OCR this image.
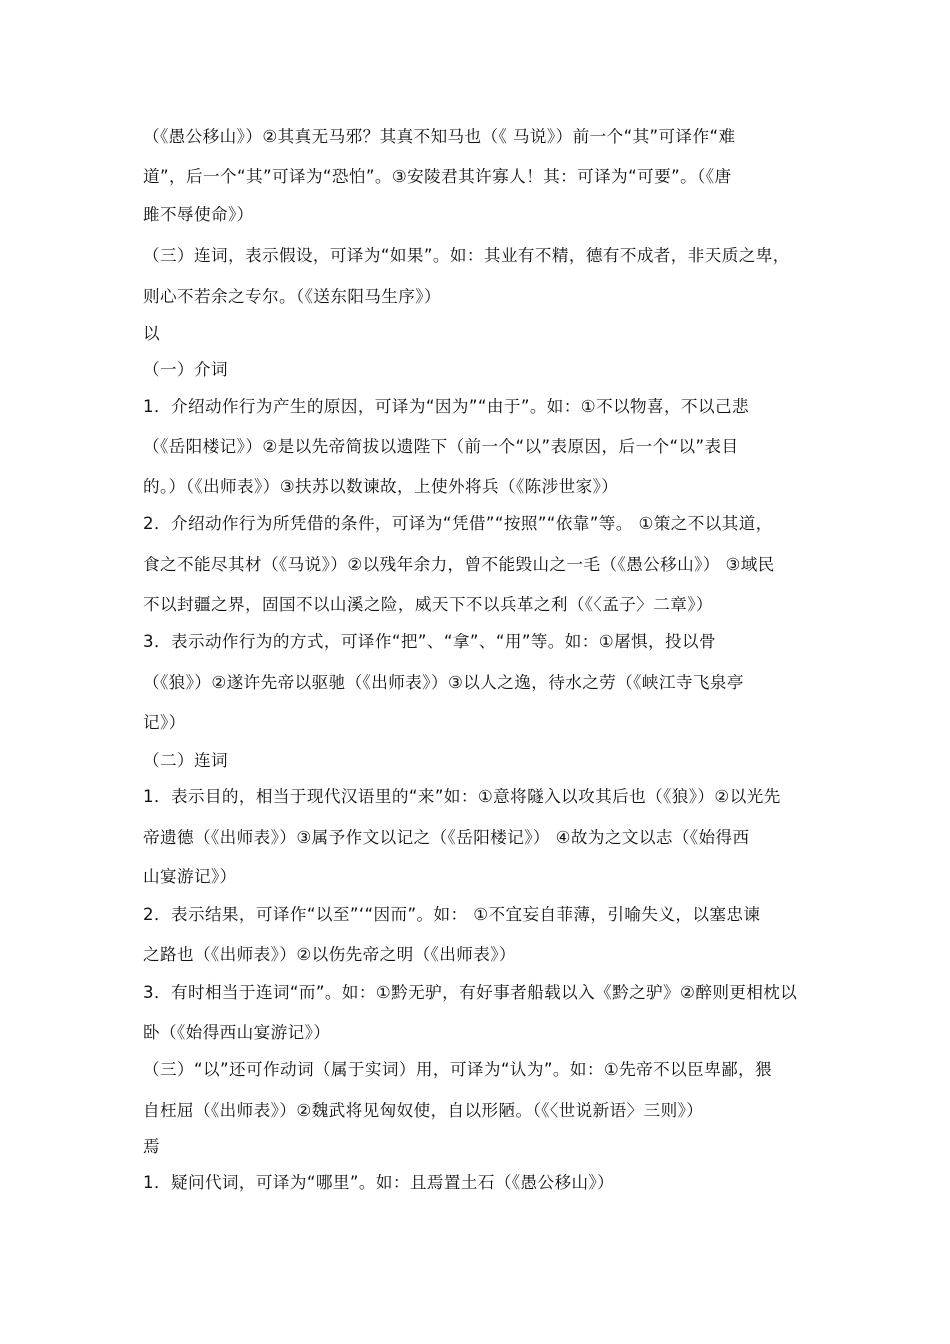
（《愚公移山》）②其真无马邪？其真不知马也（《 马说》）前一个“其”可译作“难
道”，后一个“其”可译为“恐怕”。③安陵君其许寡人！其：可译为“可要”。（《唐
雎不辱使命》）
（三）连词，表示假设，可译为“如果”。如：其业有不精，德有不成者，非天质之卑，
则心不若余之专尔。（《送东阳马生序》）
以
（一）介词
1．介绍动作行为产生的原因，可译为“因为”“由于”。如：①不以物喜，不以己悲
（《岳阳楼记》）②是以先帝简拔以遗陛下（前一个“以”表原因，后一个“以”表目
的。）（《出师表》）③扶苏以数谏故，上使外将兵（《陈涉世家》）
2．介绍动作行为所凭借的条件，可译为“凭借”“按照”“依靠”等。 ①策之不以其道，
食之不能尽其材（《马说》）②以残年余力，曾不能毁山之一毛（《愚公移山》） ③域民
不以封疆之界，固国不以山溪之险，威天下不以兵革之利（《〈孟子〉二章》）
3．表示动作行为的方式，可译作“把”、“拿”、“用”等。如：①屠惧，投以骨
（《狼》）②遂许先帝以驱驰（《出师表》）③以人之逸，待水之劳（《峡江寺飞泉亭
记》）
（二）连词
1．表示目的，相当于现代汉语里的“来”如：①意将隧入以攻其后也（《狼》）②以光先
帝遗德（《出师表》）③属予作文以记之（《岳阳楼记》） ④故为之文以志（《始得西
山宴游记》）
2．表示结果，可译作“以至”‘“因而”。如： ①不宜妄自菲薄，引喻失义，以塞忠谏
之路也（《出师表》）②以伤先帝之明（《出师表》）
3．有时相当于连词“而”。如：①黔无驴，有好事者船载以入《黔之驴》②醉则更相枕以
卧（《始得西山宴游记》）
（三）“以”还可作动词（属于实词）用，可译为“认为”。如：①先帝不以臣卑鄙，猥
自枉屈（《出师表》）②魏武将见匈奴使，自以形陋。（《〈世说新语〉三则》）
焉
1．疑问代词，可译为“哪里”。如：且焉置土石（《愚公移山》）
